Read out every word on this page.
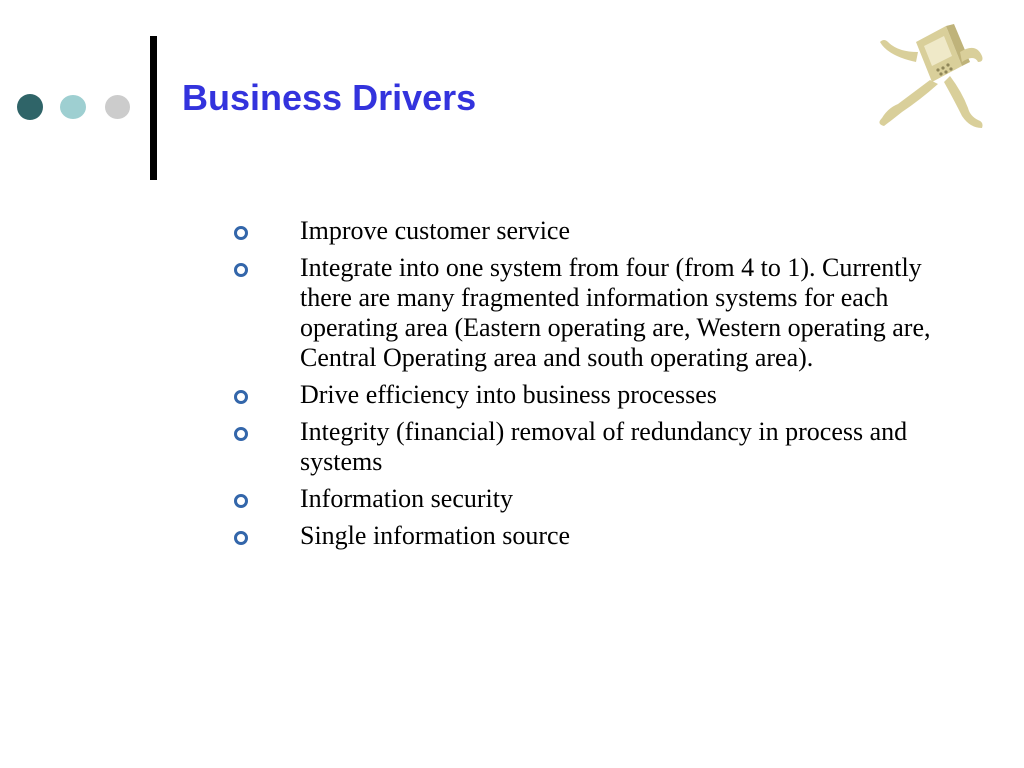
Business Drivers
Improve customer service
Integrate into one system from four (from 4 to 1). Currently there are many fragmented information systems for each operating area (Eastern operating are, Western operating are, Central Operating area and south operating area).
Drive efficiency into business processes
Integrity (financial) removal of redundancy in process and systems
Information security
Single information source
